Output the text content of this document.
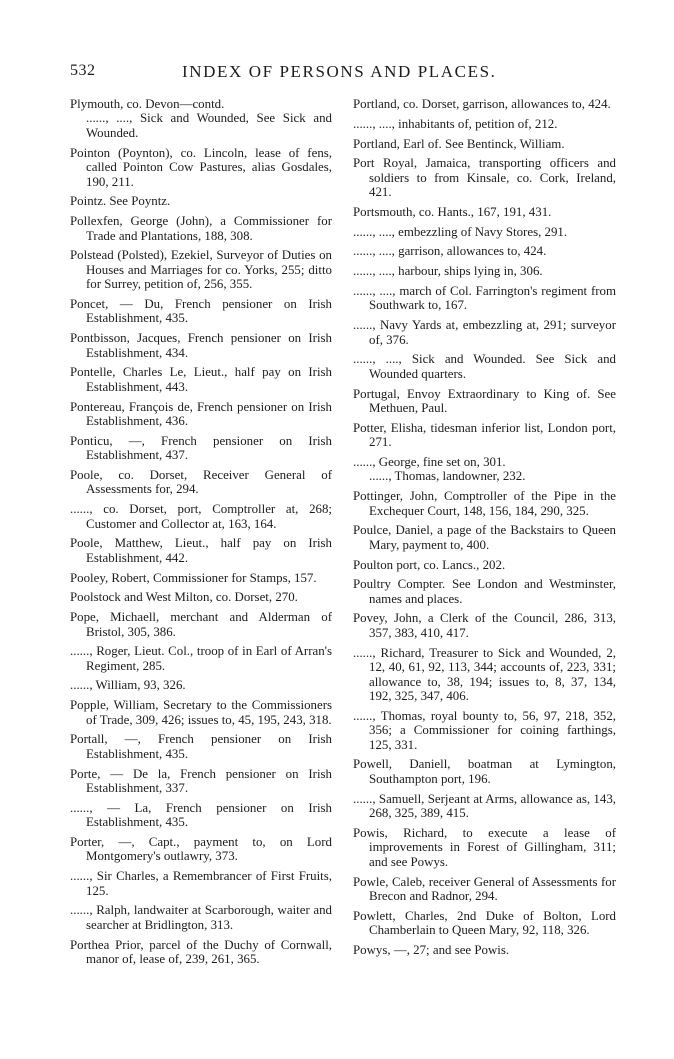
532	INDEX OF PERSONS AND PLACES.
Plymouth, co. Devon—contd.
......, ...., Sick and Wounded, See Sick and Wounded.
Pointon (Poynton), co. Lincoln, lease of fens, called Pointon Cow Pastures, alias Gosdales, 190, 211.
Pointz. See Poyntz.
Pollexfen, George (John), a Commissioner for Trade and Plantations, 188, 308.
Polstead (Polsted), Ezekiel, Surveyor of Duties on Houses and Marriages for co. Yorks, 255; ditto for Surrey, petition of, 256, 355.
Poncet, — Du, French pensioner on Irish Establishment, 435.
Pontbisson, Jacques, French pensioner on Irish Establishment, 434.
Pontelle, Charles Le, Lieut., half pay on Irish Establishment, 443.
Pontereau, François de, French pensioner on Irish Establishment, 436.
Ponticu, —, French pensioner on Irish Establishment, 437.
Poole, co. Dorset, Receiver General of Assessments for, 294.
......, co. Dorset, port, Comptroller at, 268; Customer and Collector at, 163, 164.
Poole, Matthew, Lieut., half pay on Irish Establishment, 442.
Pooley, Robert, Commissioner for Stamps, 157.
Poolstock and West Milton, co. Dorset, 270.
Pope, Michaell, merchant and Alderman of Bristol, 305, 386.
......, Roger, Lieut. Col., troop of in Earl of Arran's Regiment, 285.
......, William, 93, 326.
Popple, William, Secretary to the Commissioners of Trade, 309, 426; issues to, 45, 195, 243, 318.
Portall, —, French pensioner on Irish Establishment, 435.
Porte, — De la, French pensioner on Irish Establishment, 337.
......, — La, French pensioner on Irish Establishment, 435.
Porter, —, Capt., payment to, on Lord Montgomery's outlawry, 373.
......, Sir Charles, a Remembrancer of First Fruits, 125.
......, Ralph, landwaiter at Scarborough, waiter and searcher at Bridlington, 313.
Porthea Prior, parcel of the Duchy of Cornwall, manor of, lease of, 239, 261, 365.
Portland, co. Dorset, garrison, allowances to, 424.
......, ...., inhabitants of, petition of, 212.
Portland, Earl of. See Bentinck, William.
Port Royal, Jamaica, transporting officers and soldiers to from Kinsale, co. Cork, Ireland, 421.
Portsmouth, co. Hants., 167, 191, 431.
......, ...., embezzling of Navy Stores, 291.
......, ...., garrison, allowances to, 424.
......, ...., harbour, ships lying in, 306.
......, ...., march of Col. Farrington's regiment from Southwark to, 167.
......, Navy Yards at, embezzling at, 291; surveyor of, 376.
......, ...., Sick and Wounded. See Sick and Wounded quarters.
Portugal, Envoy Extraordinary to King of. See Methuen, Paul.
Potter, Elisha, tidesman inferior list, London port, 271.
......, George, fine set on, 301.
......, Thomas, landowner, 232.
Pottinger, John, Comptroller of the Pipe in the Exchequer Court, 148, 156, 184, 290, 325.
Poulce, Daniel, a page of the Backstairs to Queen Mary, payment to, 400.
Poulton port, co. Lancs., 202.
Poultry Compter. See London and Westminster, names and places.
Povey, John, a Clerk of the Council, 286, 313, 357, 383, 410, 417.
......, Richard, Treasurer to Sick and Wounded, 2, 12, 40, 61, 92, 113, 344; accounts of, 223, 331; allowance to, 38, 194; issues to, 8, 37, 134, 192, 325, 347, 406.
......, Thomas, royal bounty to, 56, 97, 218, 352, 356; a Commissioner for coining farthings, 125, 331.
Powell, Daniell, boatman at Lymington, Southampton port, 196.
......, Samuell, Serjeant at Arms, allowance as, 143, 268, 325, 389, 415.
Powis, Richard, to execute a lease of improvements in Forest of Gillingham, 311; and see Powys.
Powle, Caleb, receiver General of Assessments for Brecon and Radnor, 294.
Powlett, Charles, 2nd Duke of Bolton, Lord Chamberlain to Queen Mary, 92, 118, 326.
Powys, —, 27; and see Powis.
